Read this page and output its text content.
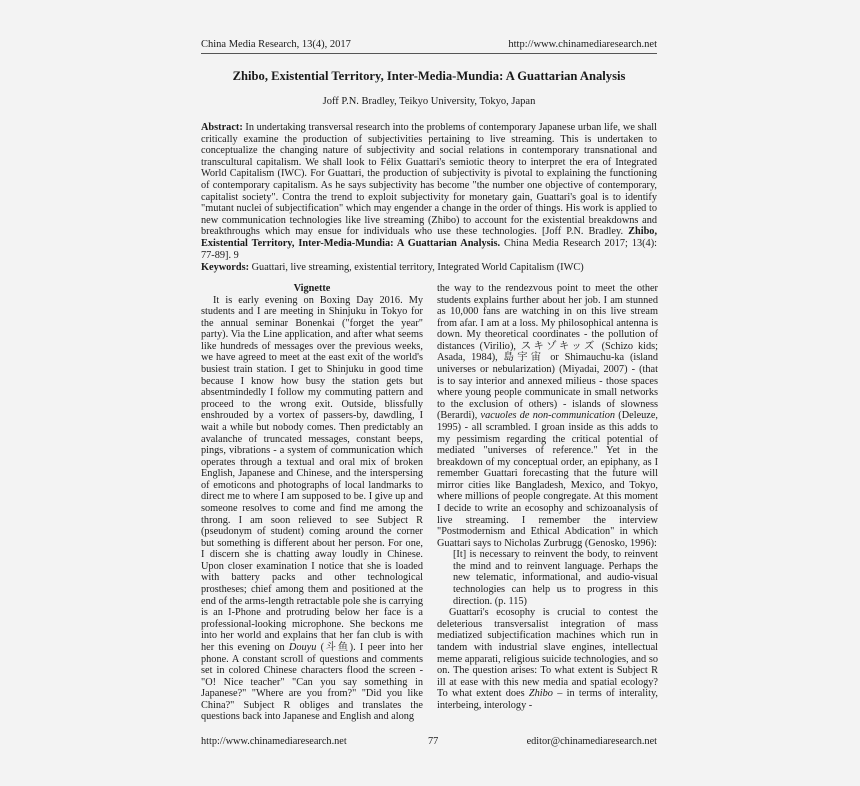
China Media Research, 13(4), 2017	http://www.chinamediaresearch.net
Zhibo, Existential Territory, Inter-Media-Mundia: A Guattarian Analysis
Joff P.N. Bradley, Teikyo University, Tokyo, Japan
Abstract: In undertaking transversal research into the problems of contemporary Japanese urban life, we shall critically examine the production of subjectivities pertaining to live streaming. This is undertaken to conceptualize the changing nature of subjectivity and social relations in contemporary transnational and transcultural capitalism. We shall look to Félix Guattari's semiotic theory to interpret the era of Integrated World Capitalism (IWC). For Guattari, the production of subjectivity is pivotal to explaining the functioning of contemporary capitalism. As he says subjectivity has become "the number one objective of contemporary, capitalist society". Contra the trend to exploit subjectivity for monetary gain, Guattari's goal is to identify "mutant nuclei of subjectification" which may engender a change in the order of things. His work is applied to new communication technologies like live streaming (Zhibo) to account for the existential breakdowns and breakthroughs which may ensue for individuals who use these technologies. [Joff P.N. Bradley. Zhibo, Existential Territory, Inter-Media-Mundia: A Guattarian Analysis. China Media Research 2017; 13(4): 77-89]. 9
Keywords: Guattari, live streaming, existential territory, Integrated World Capitalism (IWC)

Vignette

It is early evening on Boxing Day 2016. My students and I are meeting in Shinjuku in Tokyo for the annual seminar Bonenkai ("forget the year" party). Via the Line application, and after what seems like hundreds of messages over the previous weeks, we have agreed to meet at the east exit of the world's busiest train station. I get to Shinjuku in good time because I know how busy the station gets but absentmindedly I follow my commuting pattern and proceed to the wrong exit. Outside, blissfully enshrouded by a vortex of passers-by, dawdling, I wait a while but nobody comes. Then predictably an avalanche of truncated messages, constant beeps, pings, vibrations - a system of communication which operates through a textual and oral mix of broken English, Japanese and Chinese, and the interspersing of emoticons and photographs of local landmarks to direct me to where I am supposed to be. I give up and someone resolves to come and find me among the throng. I am soon relieved to see Subject R (pseudonym of student) coming around the corner but something is different about her person. For one, I discern she is chatting away loudly in Chinese. Upon closer examination I notice that she is loaded with battery packs and other technological prostheses; chief among them and positioned at the end of the arms-length retractable pole she is carrying is an I-Phone and protruding below her face is a professional-looking microphone. She beckons me into her world and explains that her fan club is with her this evening on Douyu (斗鱼). I peer into her phone. A constant scroll of questions and comments set in colored Chinese characters flood the screen - "O! Nice teacher" "Can you say something in Japanese?" "Where are you from?" "Did you like China?" Subject R obliges and translates the questions back into Japanese and English and along

the way to the rendezvous point to meet the other students explains further about her job. I am stunned as 10,000 fans are watching in on this live stream from afar. I am at a loss. My philosophical antenna is down. My theoretical coordinates - the pollution of distances (Virilio), スキゾキッズ (Schizo kids; Asada, 1984), 島宇宙 or Shimauchu-ka (island universes or nebularization) (Miyadai, 2007) - (that is to say interior and annexed milieus - those spaces where young people communicate in small networks to the exclusion of others) - islands of slowness (Berardi), vacuoles de non-communication (Deleuze, 1995) - all scrambled. I groan inside as this adds to my pessimism regarding the critical potential of mediated "universes of reference." Yet in the breakdown of my conceptual order, an epiphany, as I remember Guattari forecasting that the future will mirror cities like Bangladesh, Mexico, and Tokyo, where millions of people congregate. At this moment I decide to write an ecosophy and schizoanalysis of live streaming. I remember the interview "Postmodernism and Ethical Abdication" in which Guattari says to Nicholas Zurbrugg (Genosko, 1996):

[It] is necessary to reinvent the body, to reinvent the mind and to reinvent language. Perhaps the new telematic, informational, and audio-visual technologies can help us to progress in this direction. (p. 115)

Guattari's ecosophy is crucial to contest the deleterious transversalist integration of mass mediatized subjectification machines which run in tandem with industrial slave engines, intellectual meme apparati, religious suicide technologies, and so on. The question arises: To what extent is Subject R ill at ease with this new media and spatial ecology? To what extent does Zhibo – in terms of interality, interbeing, interology -

http://www.chinamediaresearch.net	77	editor@chinamediaresearch.net
